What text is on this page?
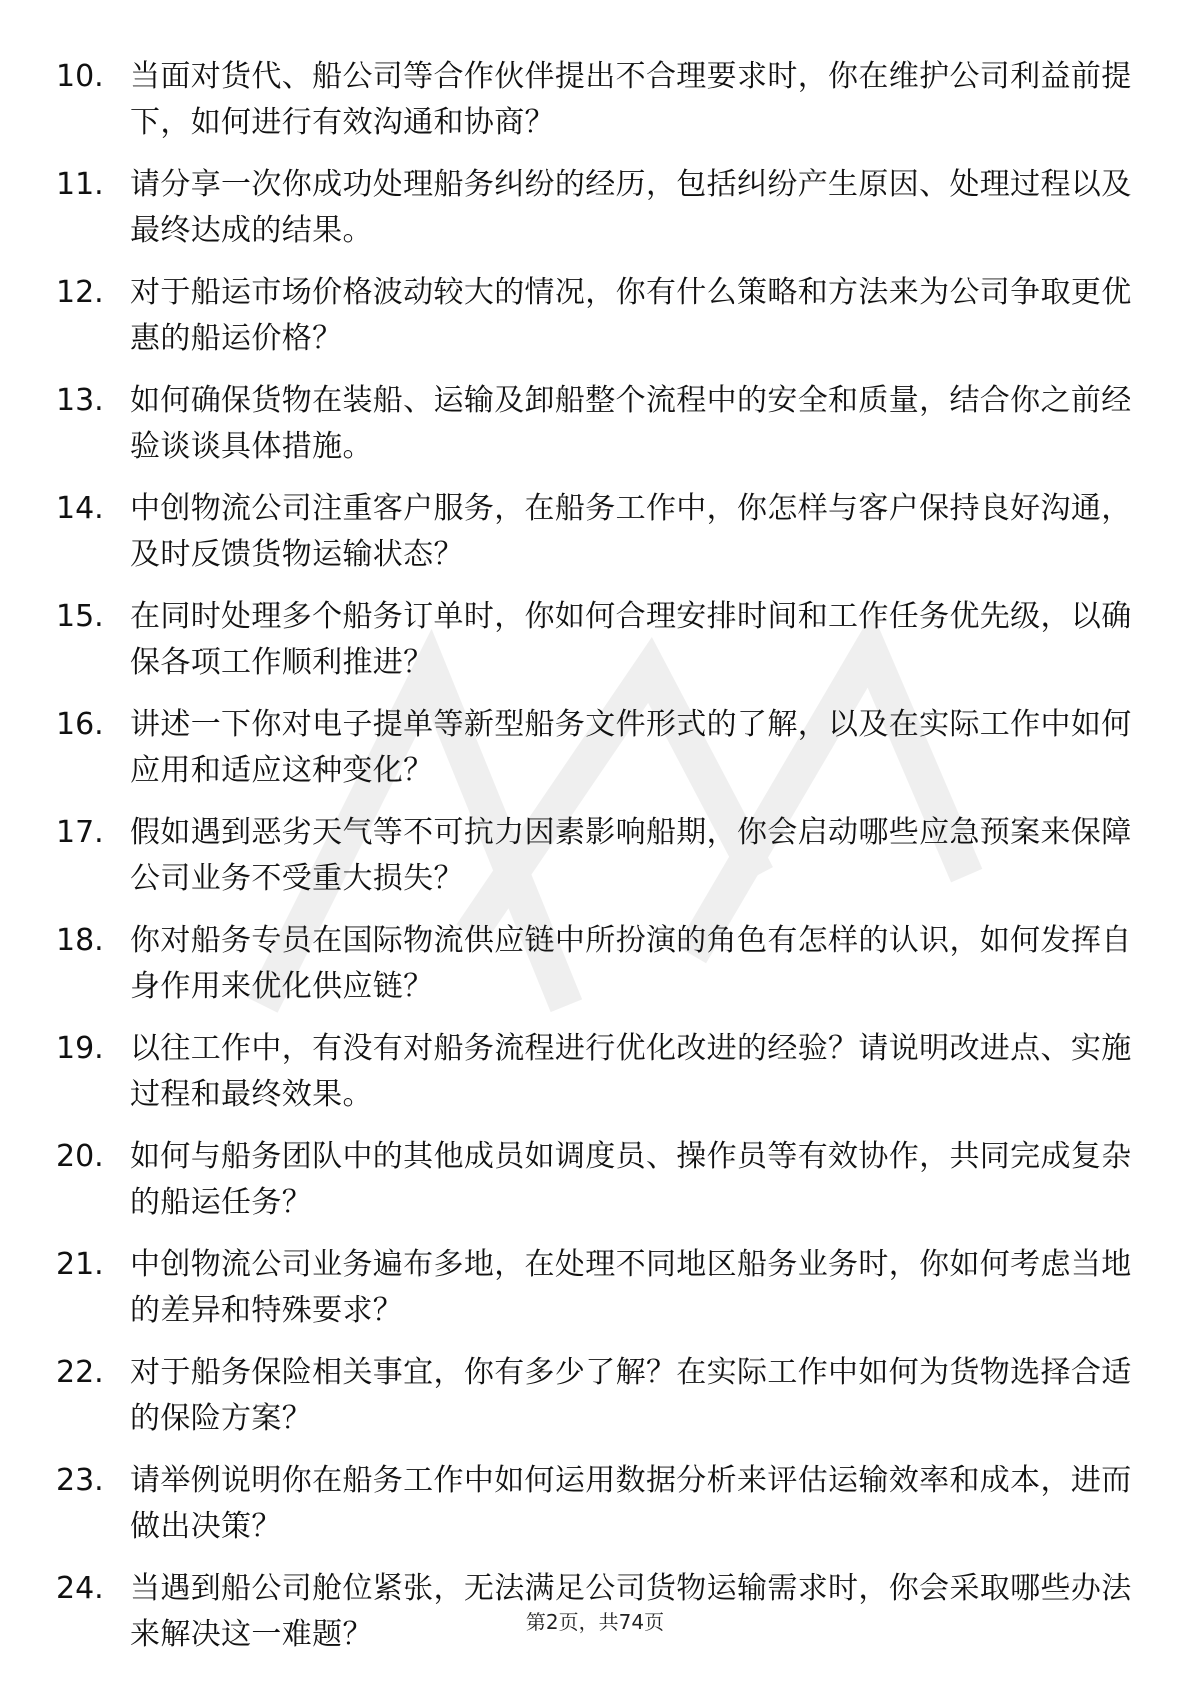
10. 当面对货代、船公司等合作伙伴提出不合理要求时，你在维护公司利益前提下，如何进行有效沟通和协商？
11. 请分享一次你成功处理船务纠纷的经历，包括纠纷产生原因、处理过程以及最终达成的结果。
12. 对于船运市场价格波动较大的情况，你有什么策略和方法来为公司争取更优惠的船运价格？
13. 如何确保货物在装船、运输及卸船整个流程中的安全和质量，结合你之前经验谈谈具体措施。
14. 中创物流公司注重客户服务，在船务工作中，你怎样与客户保持良好沟通，及时反馈货物运输状态？
15. 在同时处理多个船务订单时，你如何合理安排时间和工作任务优先级，以确保各项工作顺利推进？
16. 讲述一下你对电子提单等新型船务文件形式的了解，以及在实际工作中如何应用和适应这种变化？
17. 假如遇到恶劣天气等不可抗力因素影响船期，你会启动哪些应急预案来保障公司业务不受重大损失？
18. 你对船务专员在国际物流供应链中所扮演的角色有怎样的认识，如何发挥自身作用来优化供应链？
19. 以往工作中，有没有对船务流程进行优化改进的经验？请说明改进点、实施过程和最终效果。
20. 如何与船务团队中的其他成员如调度员、操作员等有效协作，共同完成复杂的船运任务？
21. 中创物流公司业务遍布多地，在处理不同地区船务业务时，你如何考虑当地的差异和特殊要求？
22. 对于船务保险相关事宜，你有多少了解？在实际工作中如何为货物选择合适的保险方案？
23. 请举例说明你在船务工作中如何运用数据分析来评估运输效率和成本，进而做出决策？
24. 当遇到船公司舱位紧张，无法满足公司货物运输需求时，你会采取哪些办法来解决这一难题？	第2页，共74页
